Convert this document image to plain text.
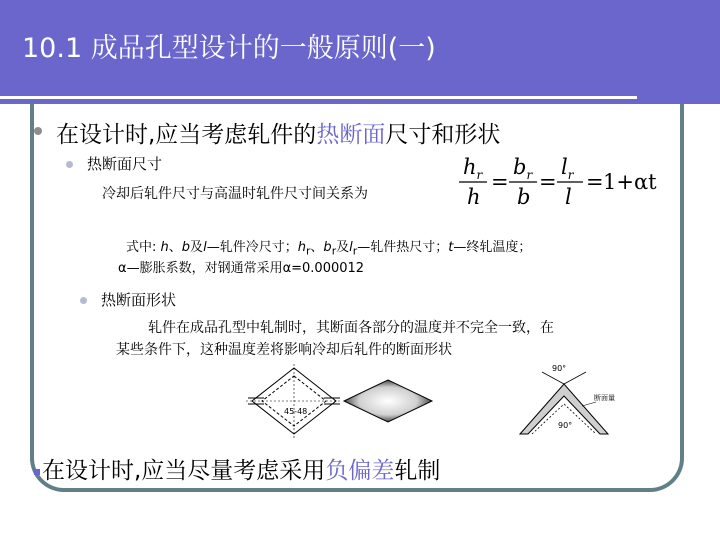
10.1 成品孔型设计的一般原则(一)
在设计时,应当考虑轧件的热断面尺寸和形状
热断面尺寸
冷却后轧件尺寸与高温时轧件尺寸间关系为
$h_r$
h
$b_r$
b
$l_r$
l
= = = 1+αt
式中: h、b及l—轧件冷尺寸；$h_r$、$b_r$及$l_r—$轧件热尺寸；t—终轧温度；
α—膨胀系数，对钢通常采用α=0.000012
热断面形状
轧件在成品孔型中轧制时，其断面各部分的温度并不完全一致，在
某些条件下，这种温度差将影响冷却后轧件的断面形状
45-48
90°
90°
断面量
在设计时,应当尽量考虑采用负偏差轧制
